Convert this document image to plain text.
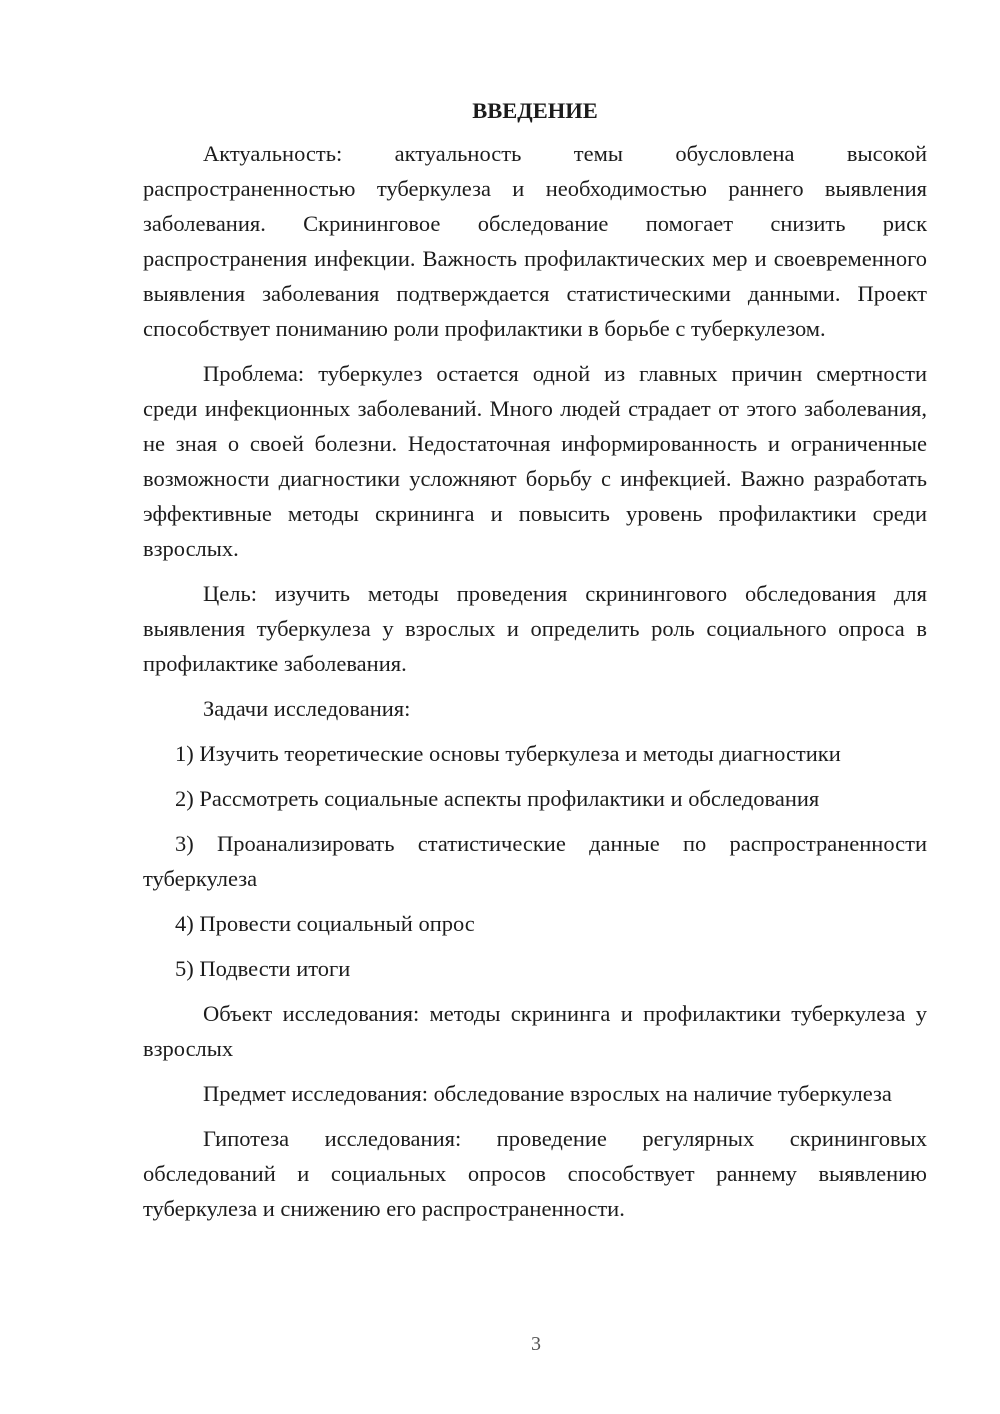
ВВЕДЕНИЕ

Актуальность: актуальность темы обусловлена высокой распространенностью туберкулеза и необходимостью раннего выявления заболевания. Скрининговое обследование помогает снизить риск распространения инфекции. Важность профилактических мер и своевременного выявления заболевания подтверждается статистическими данными. Проект способствует пониманию роли профилактики в борьбе с туберкулезом.

Проблема: туберкулез остается одной из главных причин смертности среди инфекционных заболеваний. Много людей страдает от этого заболевания, не зная о своей болезни. Недостаточная информированность и ограниченные возможности диагностики усложняют борьбу с инфекцией. Важно разработать эффективные методы скрининга и повысить уровень профилактики среди взрослых.

Цель: изучить методы проведения скринингового обследования для выявления туберкулеза у взрослых и определить роль социального опроса в профилактике заболевания.

Задачи исследования:

1) Изучить теоретические основы туберкулеза и методы диагностики
2) Рассмотреть социальные аспекты профилактики и обследования
3) Проанализировать статистические данные по распространенности туберкулеза
4) Провести социальный опрос
5) Подвести итоги

Объект исследования: методы скрининга и профилактики туберкулеза у взрослых

Предмет исследования: обследование взрослых на наличие туберкулеза

Гипотеза исследования: проведение регулярных скрининговых обследований и социальных опросов способствует раннему выявлению туберкулеза и снижению его распространенности.

3
